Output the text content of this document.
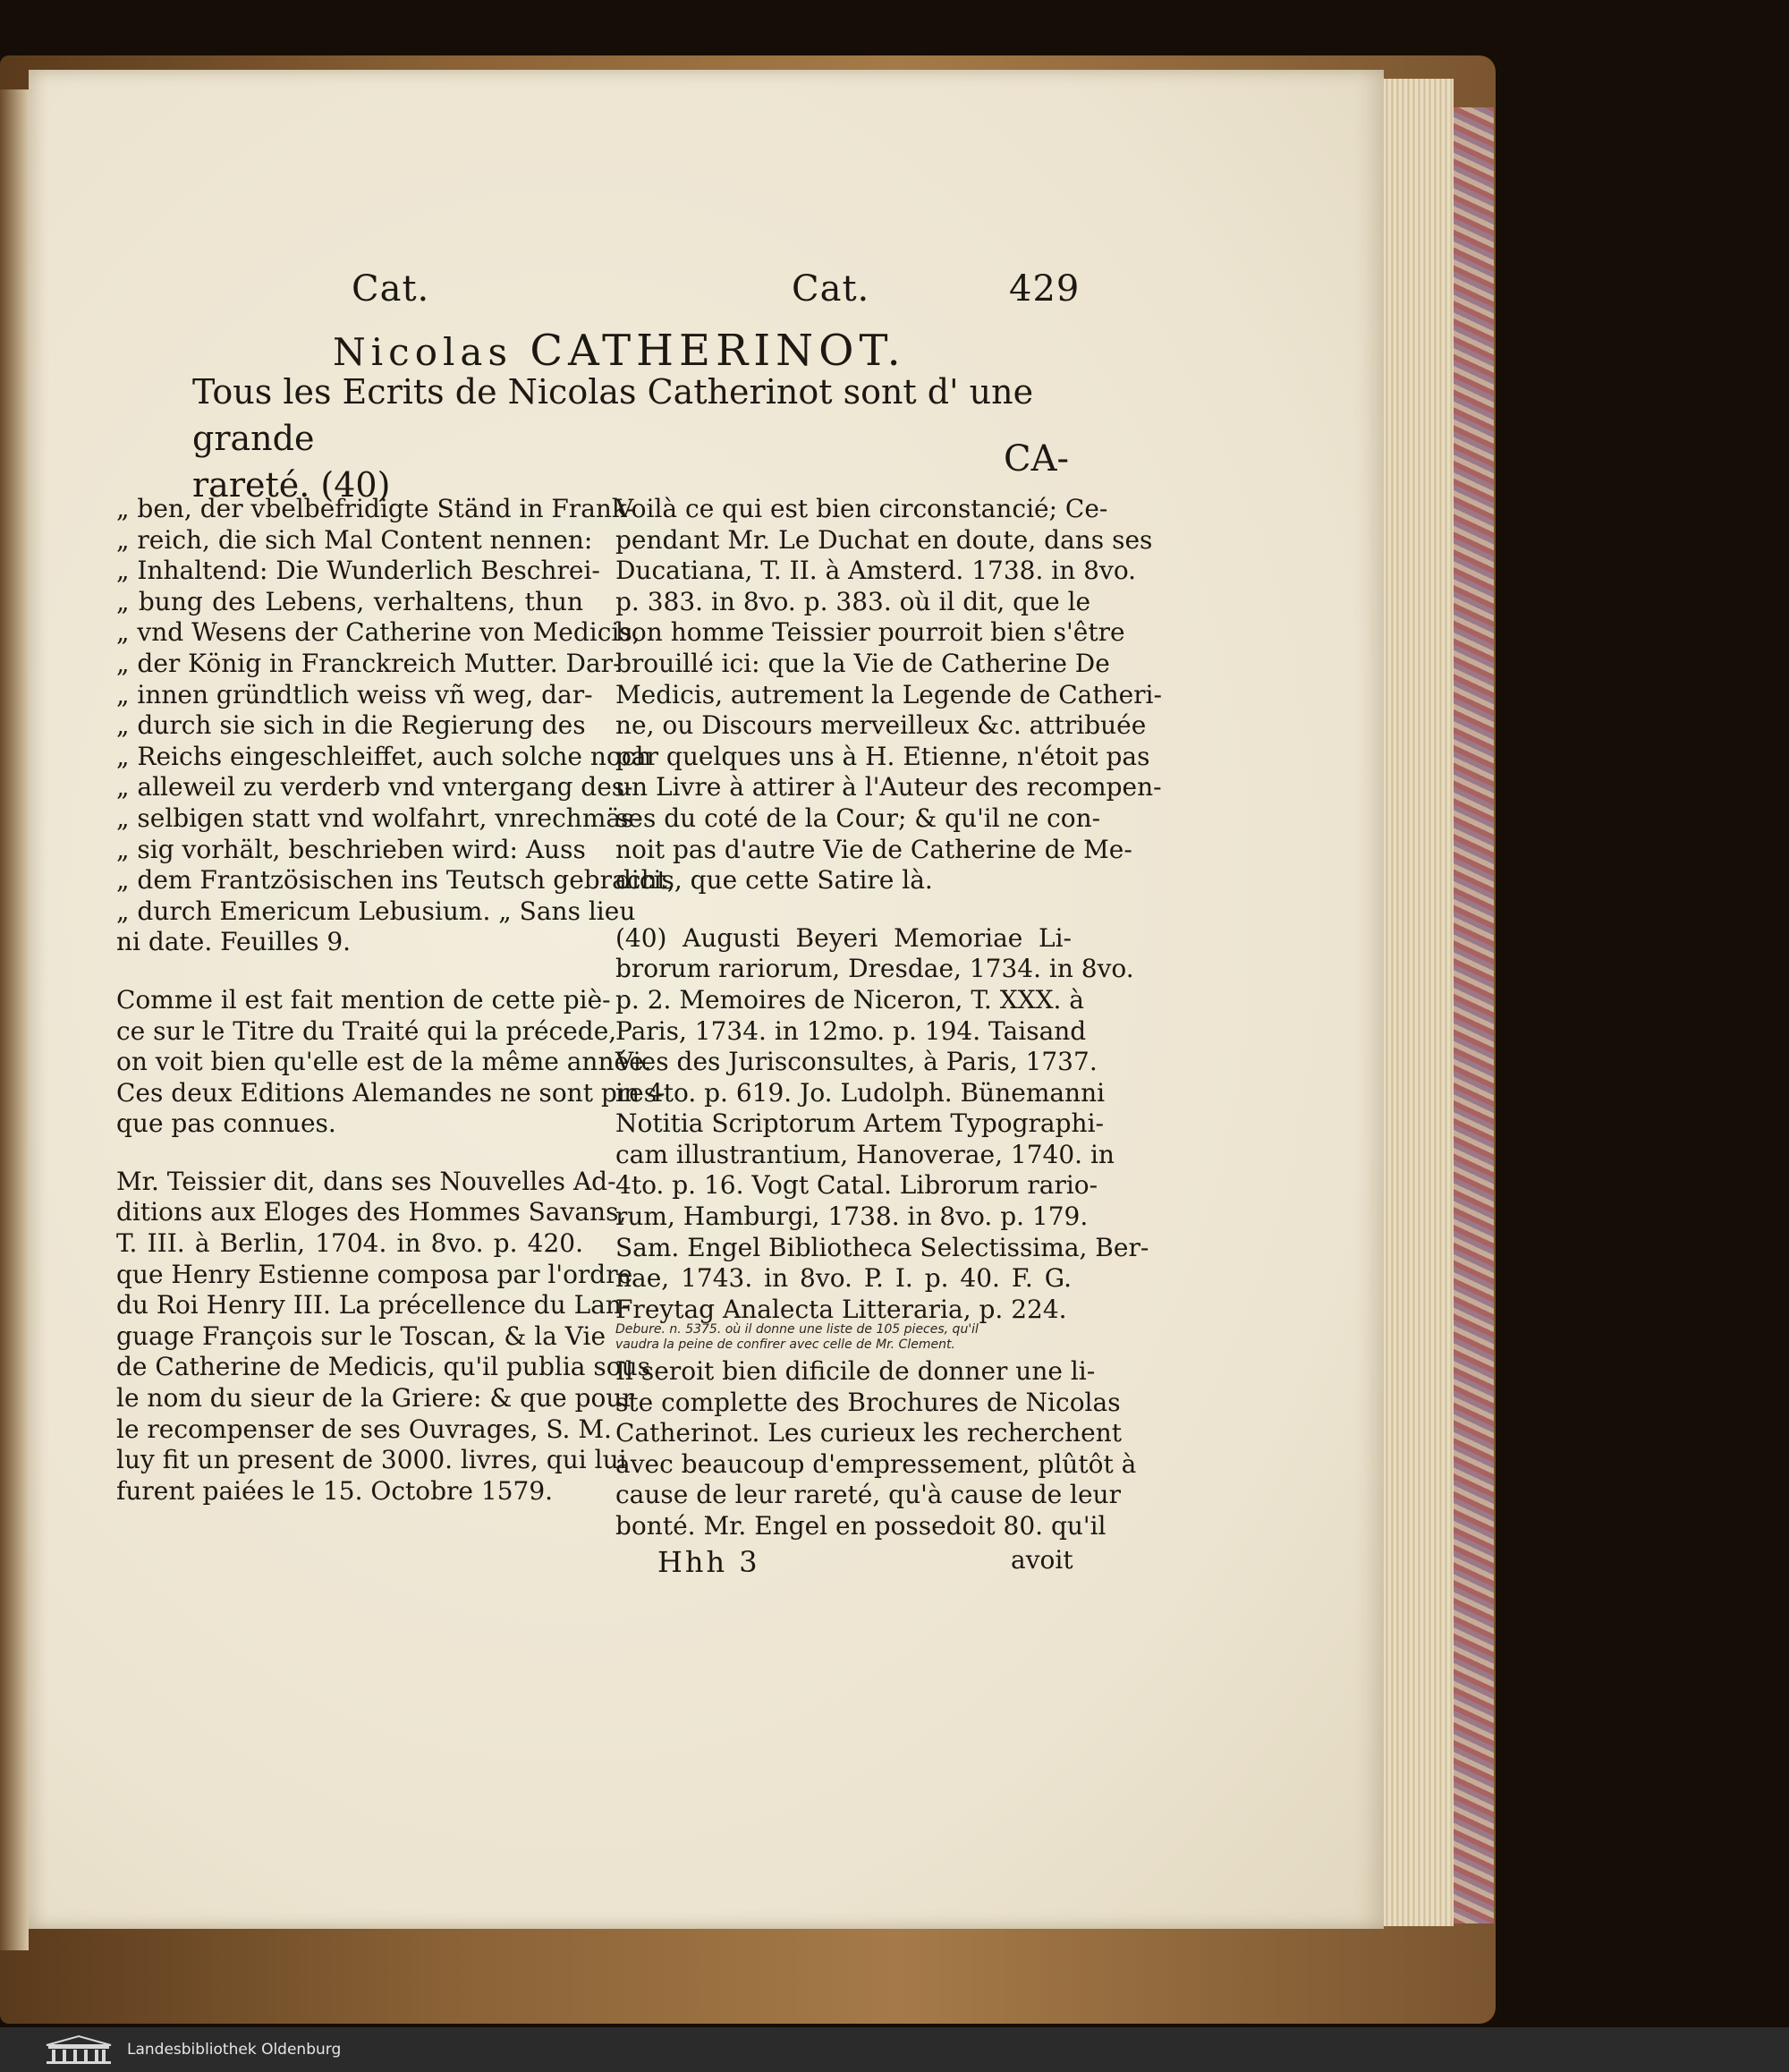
Cat.	Cat.	429
Nicolas CATHERINOT.
Tous les Ecrits de Nicolas Catherinot sont d' une grande
rareté. (40)
CA-
„ ben, der vbelbefridigte Ständ in Frank-
„ reich, die sich Mal Content nennen:
„ Inhaltend: Die Wunderlich Beschrei-
„ bung des Lebens, verhaltens, thun
„ vnd Wesens der Catherine von Medicis,
„ der König in Franckreich Mutter. Dar-
„ innen gründtlich weiss vñ weg, dar-
„ durch sie sich in die Regierung des
„ Reichs eingeschleiffet, auch solche noch
„ alleweil zu verderb vnd vntergang des-
„ selbigen statt vnd wolfahrt, vnrechmäs-
„ sig vorhält, beschrieben wird: Auss
„ dem Frantzösischen ins Teutsch gebracht,
„ durch Emericum Lebusium. „ Sans lieu
ni date. Feuilles 9.
Comme il est fait mention de cette piè-
ce sur le Titre du Traité qui la précede,
on voit bien qu'elle est de la même année.
Ces deux Editions Alemandes ne sont pres-
que pas connues.
Mr. Teissier dit, dans ses Nouvelles Ad-
ditions aux Eloges des Hommes Savans,
T. III. à Berlin, 1704. in 8vo. p. 420.
que Henry Estienne composa par l'ordre
du Roi Henry III. La précellence du Lan-
guage François sur le Toscan, & la Vie
de Catherine de Medicis, qu'il publia sous
le nom du sieur de la Griere: & que pour
le recompenser de ses Ouvrages, S. M.
luy fit un present de 3000. livres, qui lui
furent paiées le 15. Octobre 1579.
Voilà ce qui est bien circonstancié; Ce-
pendant Mr. Le Duchat en doute, dans ses
Ducatiana, T. II. à Amsterd. 1738. in 8vo.
p. 383. in 8vo. p. 383. où il dit, que le
bon homme Teissier pourroit bien s'être
brouillé ici: que la Vie de Catherine De
Medicis, autrement la Legende de Catheri-
ne, ou Discours merveilleux &c. attribuée
par quelques uns à H. Etienne, n'étoit pas
un Livre à attirer à l'Auteur des recompen-
ses du coté de la Cour; & qu'il ne con-
noit pas d'autre Vie de Catherine de Me-
dicis, que cette Satire là.
(40) Augusti Beyeri Memoriae Li-
brorum rariorum, Dresdae, 1734. in 8vo.
p. 2. Memoires de Niceron, T. XXX. à
Paris, 1734. in 12mo. p. 194. Taisand
Vies des Jurisconsultes, à Paris, 1737.
in 4to. p. 619. Jo. Ludolph. Bünemanni
Notitia Scriptorum Artem Typographi-
cam illustrantium, Hanoverae, 1740. in
4to. p. 16. Vogt Catal. Librorum rario-
rum, Hamburgi, 1738. in 8vo. p. 179.
Sam. Engel Bibliotheca Selectissima, Ber-
nae, 1743. in 8vo. P. I. p. 40. F. G.
Freytag Analecta Litteraria, p. 224.
Debure. n. 5375. où il donne une liste de 105 pieces, qu'il
vaudra la peine de confirer avec celle de Mr. Clement.
Il seroit bien dificile de donner une li-
ste complette des Brochures de Nicolas
Catherinot. Les curieux les recherchent
avec beaucoup d'empressement, plûtôt à
cause de leur rareté, qu'à cause de leur
bonté. Mr. Engel en possedoit 80. qu'il
Hhh 3	avoit
Landesbibliothek Oldenburg
